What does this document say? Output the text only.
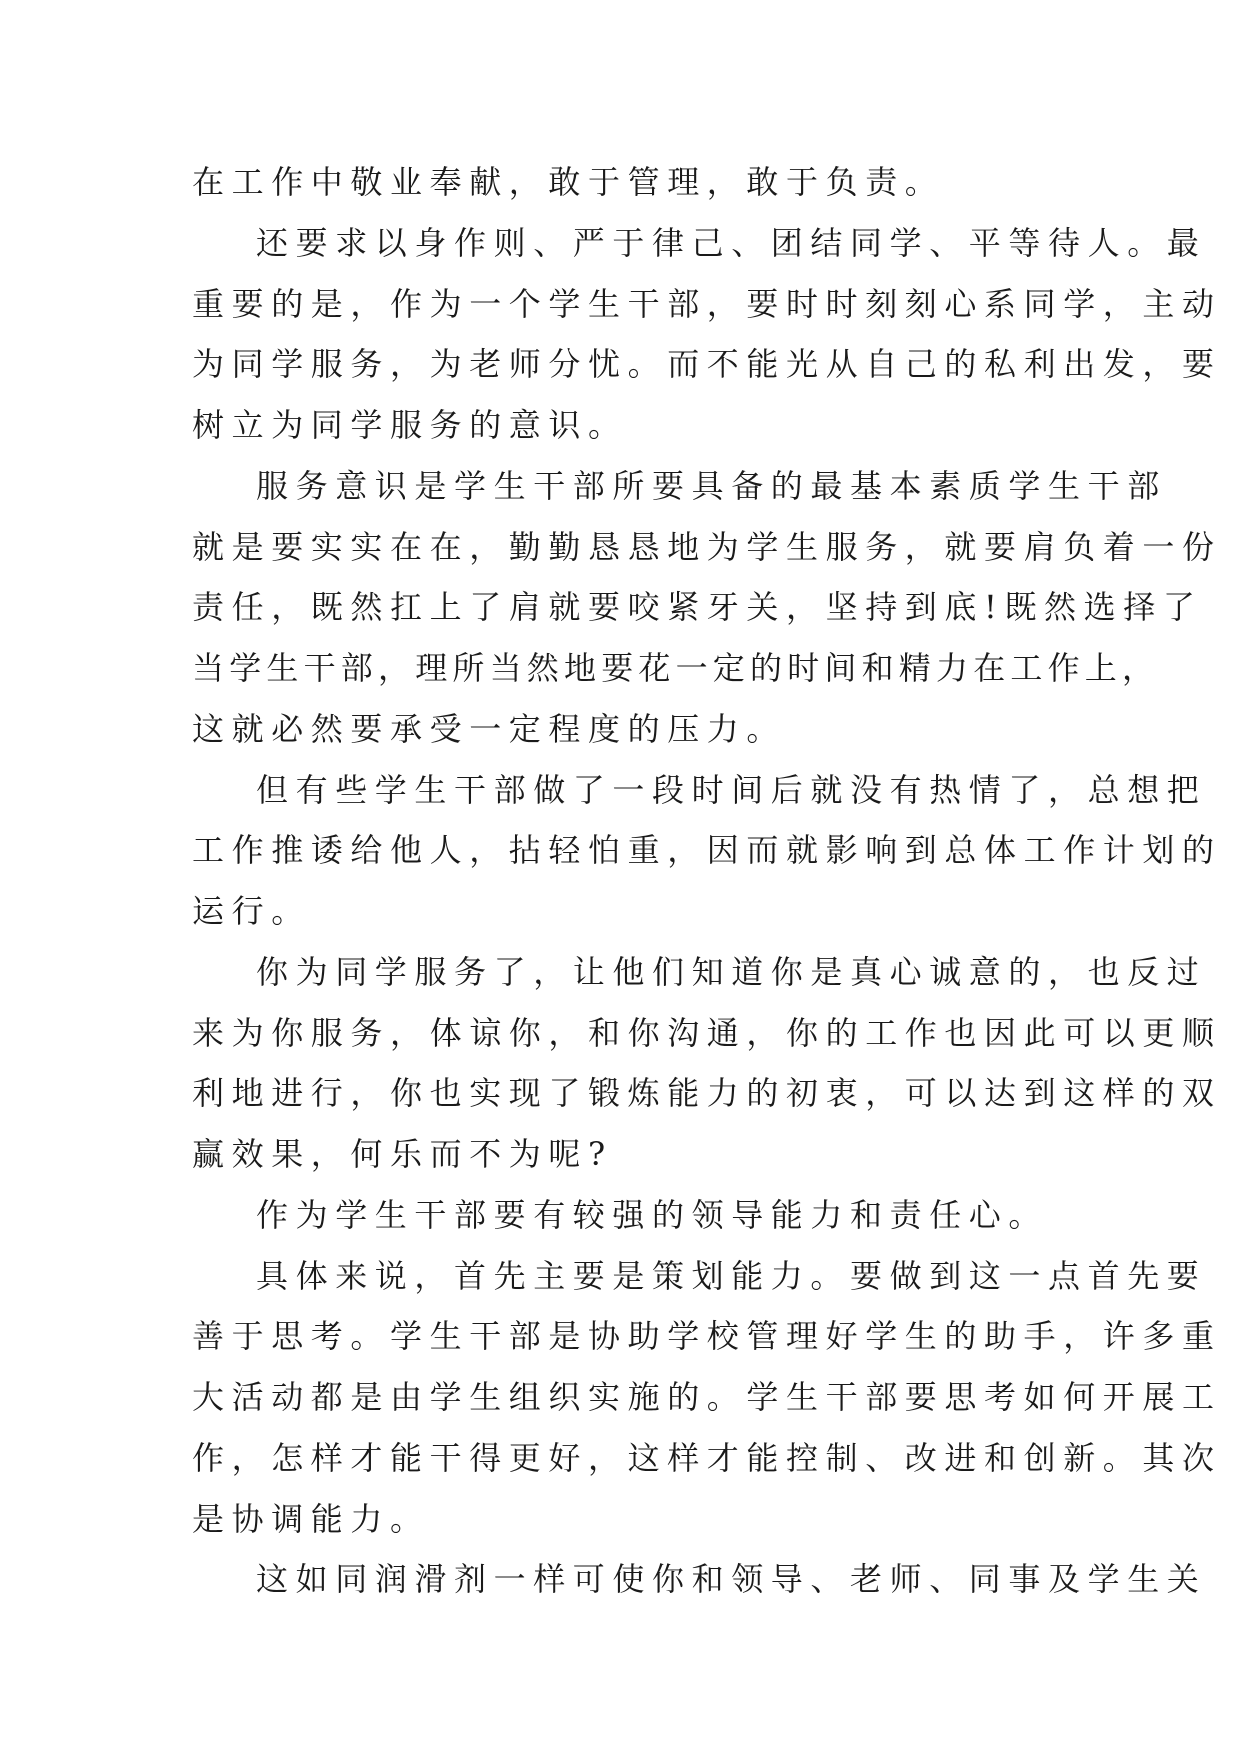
在工作中敬业奉献，敢于管理，敢于负责。
还要求以身作则、严于律己、团结同学、平等待人。最
重要的是，作为一个学生干部，要时时刻刻心系同学，主动
为同学服务，为老师分忧。而不能光从自己的私利出发，要
树立为同学服务的意识。
服务意识是学生干部所要具备的最基本素质学生干部
就是要实实在在，勤勤恳恳地为学生服务，就要肩负着一份
责任，既然扛上了肩就要咬紧牙关，坚持到底!既然选择了
当学生干部，理所当然地要花一定的时间和精力在工作上，
这就必然要承受一定程度的压力。
但有些学生干部做了一段时间后就没有热情了，总想把
工作推诿给他人，拈轻怕重，因而就影响到总体工作计划的
运行。
你为同学服务了，让他们知道你是真心诚意的，也反过
来为你服务，体谅你，和你沟通，你的工作也因此可以更顺
利地进行，你也实现了锻炼能力的初衷，可以达到这样的双
赢效果，何乐而不为呢?
作为学生干部要有较强的领导能力和责任心。
具体来说，首先主要是策划能力。要做到这一点首先要
善于思考。学生干部是协助学校管理好学生的助手，许多重
大活动都是由学生组织实施的。学生干部要思考如何开展工
作，怎样才能干得更好，这样才能控制、改进和创新。其次
是协调能力。
这如同润滑剂一样可使你和领导、老师、同事及学生关
